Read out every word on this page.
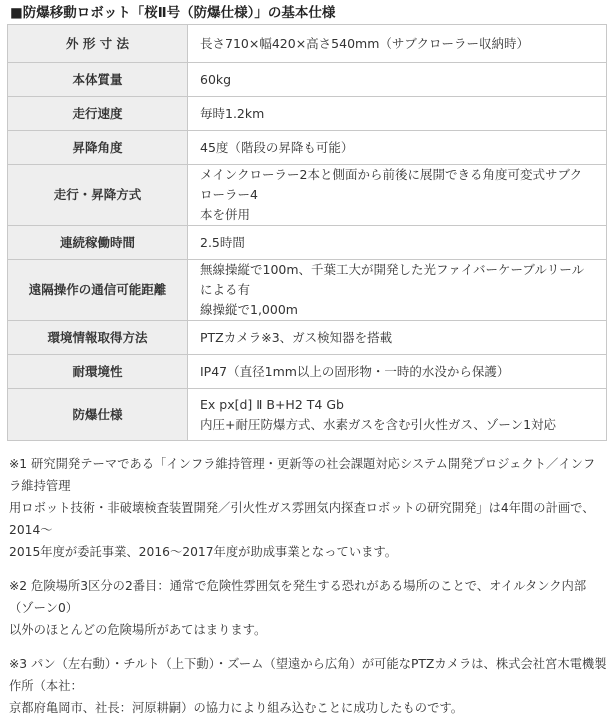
■防爆移動ロボット「桜Ⅱ号（防爆仕様）」の基本仕様
外 形 寸 法	長さ710×幅420×高さ540mm（サブクローラー収納時）

本体質量	60kg

走行速度	毎時1.2km

昇降角度	45度（階段の昇降も可能）

走行・昇降方式	メインクローラー2本と側面から前後に展開できる角度可変式サブクローラー4
本を併用

連続稼働時間	2.5時間

遠隔操作の通信可能距離	無線操縦で100m、千葉工大が開発した光ファイバーケーブルリールによる有
線操縦で1,000m

環境情報取得方法	PTZカメラ※3、ガス検知器を搭載

耐環境性	IP47（直径1mm以上の固形物・一時的水没から保護）

防爆仕様	Ex px[d] Ⅱ B+H2 T4 Gb
内圧+耐圧防爆方式、水素ガスを含む引火性ガス、ゾーン1対応
※1 研究開発テーマである「インフラ維持管理・更新等の社会課題対応システム開発プロジェクト／インフラ維持管理
用ロボット技術・非破壊検査装置開発／引火性ガス雰囲気内探査ロボットの研究開発」は4年間の計画で、2014～
2015年度が委託事業、2016～2017年度が助成事業となっています。
※2 危険場所3区分の2番目：通常で危険性雰囲気を発生する恐れがある場所のことで、オイルタンク内部（ゾーン0）
以外のほとんどの危険場所があてはまります。
※3 パン（左右動）・チルト（上下動）・ズーム（望遠から広角）が可能なPTZカメラは、株式会社宮木電機製作所（本社：
京都府亀岡市、社長：河原耕嗣）の協力により組み込むことに成功したものです。
